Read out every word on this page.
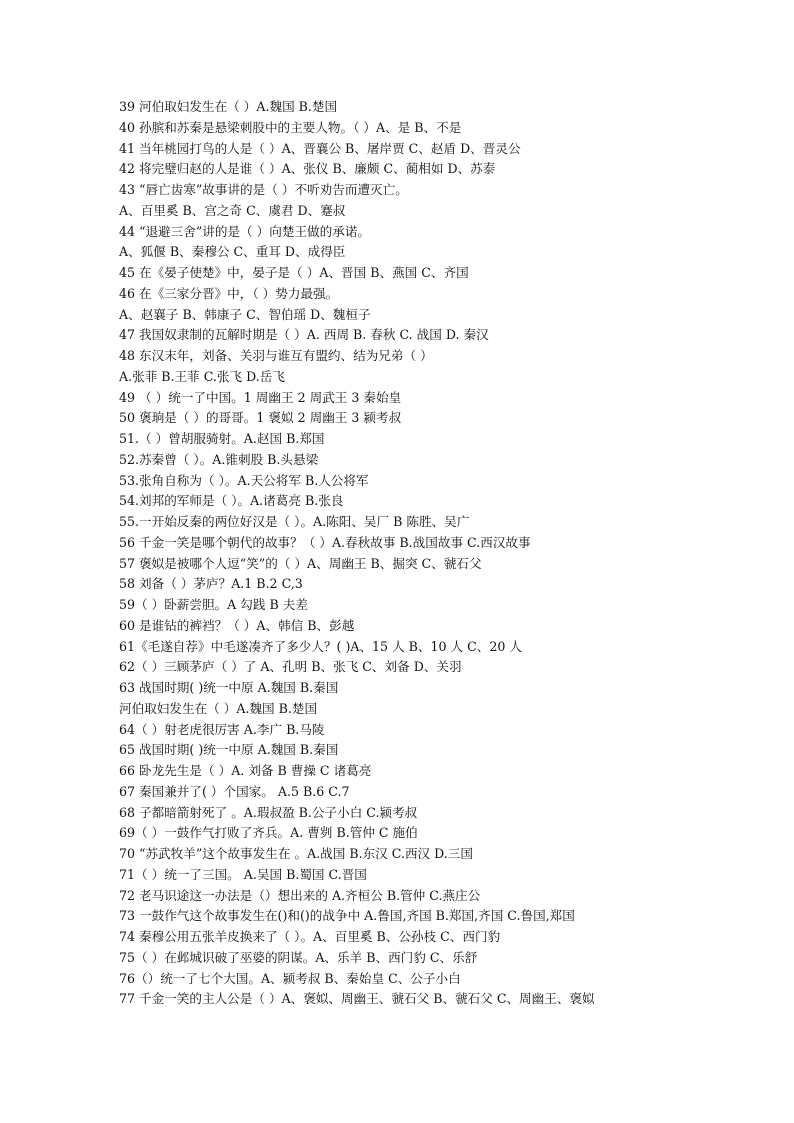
39 河伯取妇发生在（ ）A.魏国 B.楚国
40 孙膑和苏秦是悬梁刺股中的主要人物。（ ）A、是 B、不是
41 当年桃园打鸟的人是（ ）A、晋襄公 B、屠岸贾 C、赵盾 D、晋灵公
42 将完璧归赵的人是谁（ ）A、张仪 B、廉颇 C、蔺相如 D、苏泰
43 “唇亡齿寒”故事讲的是（ ）不听劝告而遭灭亡。
A、百里奚 B、宫之奇 C、虞君 D、蹇叔
44 “退避三舍”讲的是（ ）向楚王做的承诺。
A、狐偃 B、秦穆公 C、重耳 D、成得臣
45 在《晏子使楚》中，晏子是（ ）A、晋国 B、燕国 C、齐国
46 在《三家分晋》中，（ ）势力最强。
A、赵襄子 B、韩康子 C、智伯瑶 D、魏桓子
47 我国奴隶制的瓦解时期是（ ）A. 西周 B. 春秋 C. 战国 D. 秦汉
48 东汉末年，刘备、关羽与谁互有盟约、结为兄弟（ ）
A.张菲 B.王菲 C.张飞 D.岳飞
49 （ ）统一了中国。1 周幽王 2 周武王 3 秦始皇
50 褒珦是（ ）的哥哥。1 褒姒 2 周幽王 3 颍考叔
51.（ ）曾胡服骑射。A.赵国 B.郑国
52.苏秦曾（ ）。A.锥刺股 B.头悬梁
53.张角自称为（ ）。A.天公将军 B.人公将军
54.刘邦的军师是（ ）。A.诸葛亮 B.张良
55.一开始反秦的两位好汉是（ ）。A.陈阳、吴厂 B 陈胜、吴广
56 千金一笑是哪个朝代的故事？（ ）A.春秋故事 B.战国故事 C.西汉故事
57 褒姒是被哪个人逗“笑”的（ ）A、周幽王 B、掘突 C、虢石父
58 刘备（ ）茅庐？A.1 B.2 C,3
59（ ）卧薪尝胆。A 勾践 B 夫差
60 是谁钻的裤裆？（ ）A、韩信 B、彭越
61《毛遂自荐》中毛遂凑齐了多少人？( )A、15 人 B、10 人 C、20 人
62（ ）三顾茅庐（ ）了 A、孔明 B、张飞 C、刘备 D、关羽
63 战国时期( )统一中原 A.魏国 B.秦国
河伯取妇发生在（ ）A.魏国 B.楚国
64（ ）射老虎很厉害 A.李广 B.马陵
65 战国时期( )统一中原 A.魏国 B.秦国
66 卧龙先生是（ ）A. 刘备 B 曹操 C 诸葛亮
67 秦国兼并了( ）个国家。 A.5 B.6 C.7
68 子都暗箭射死了 。A.瑕叔盈 B.公子小白 C.颍考叔
69（ ）一鼓作气打败了齐兵。A. 曹刿 B.管仲 C 施伯
70 “苏武牧羊”这个故事发生在 。A.战国 B.东汉 C.西汉 D.三国
71（ ）统一了三国。 A.吴国 B.蜀国 C.晋国
72 老马识途这一办法是（）想出来的 A.齐桓公 B.管仲 C.燕庄公
73 一鼓作气这个故事发生在()和()的战争中 A.鲁国,齐国 B.郑国,齐国 C.鲁国,郑国
74 秦穆公用五张羊皮换来了（ ）。A、百里奚 B、公孙枝 C、西门豹
75（ ）在邺城识破了巫婆的阴谋。A、乐羊 B、西门豹 C、乐舒
76（）统一了七个大国。A、颍考叔 B、秦始皇 C、公子小白
77 千金一笑的主人公是（ ）A、褒姒、周幽王、虢石父 B、虢石父 C、周幽王、褒姒
